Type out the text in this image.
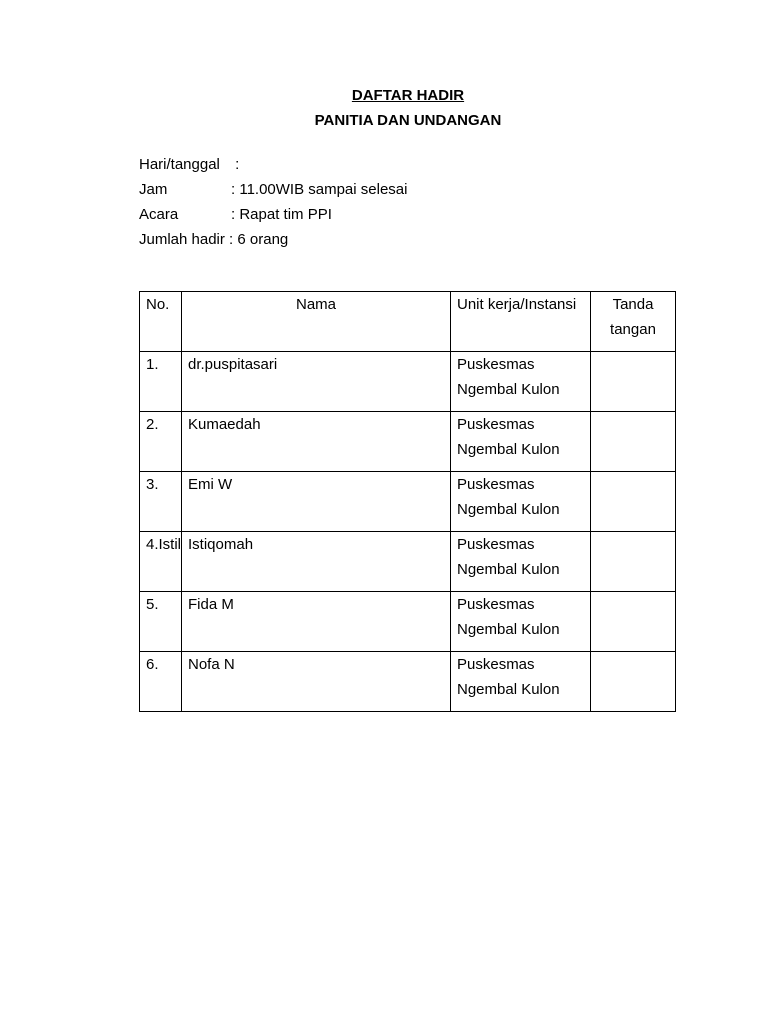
DAFTAR HADIR
PANITIA DAN UNDANGAN
Hari/tanggal :
Jam	: 11.00WIB sampai selesai
Acara	: Rapat tim PPI
Jumlah hadir : 6 orang
No.	Nama	Unit kerja/Instansi	Tanda
tangan

1.	dr.puspitasari	Puskesmas
Ngembal Kulon	

2.	Kumaedah	Puskesmas
Ngembal Kulon	

3.	Emi W	Puskesmas
Ngembal Kulon	

4.Istil	Istiqomah	Puskesmas
Ngembal Kulon	

5.	Fida M	Puskesmas
Ngembal Kulon	

6.	Nofa N	Puskesmas
Ngembal Kulon	
